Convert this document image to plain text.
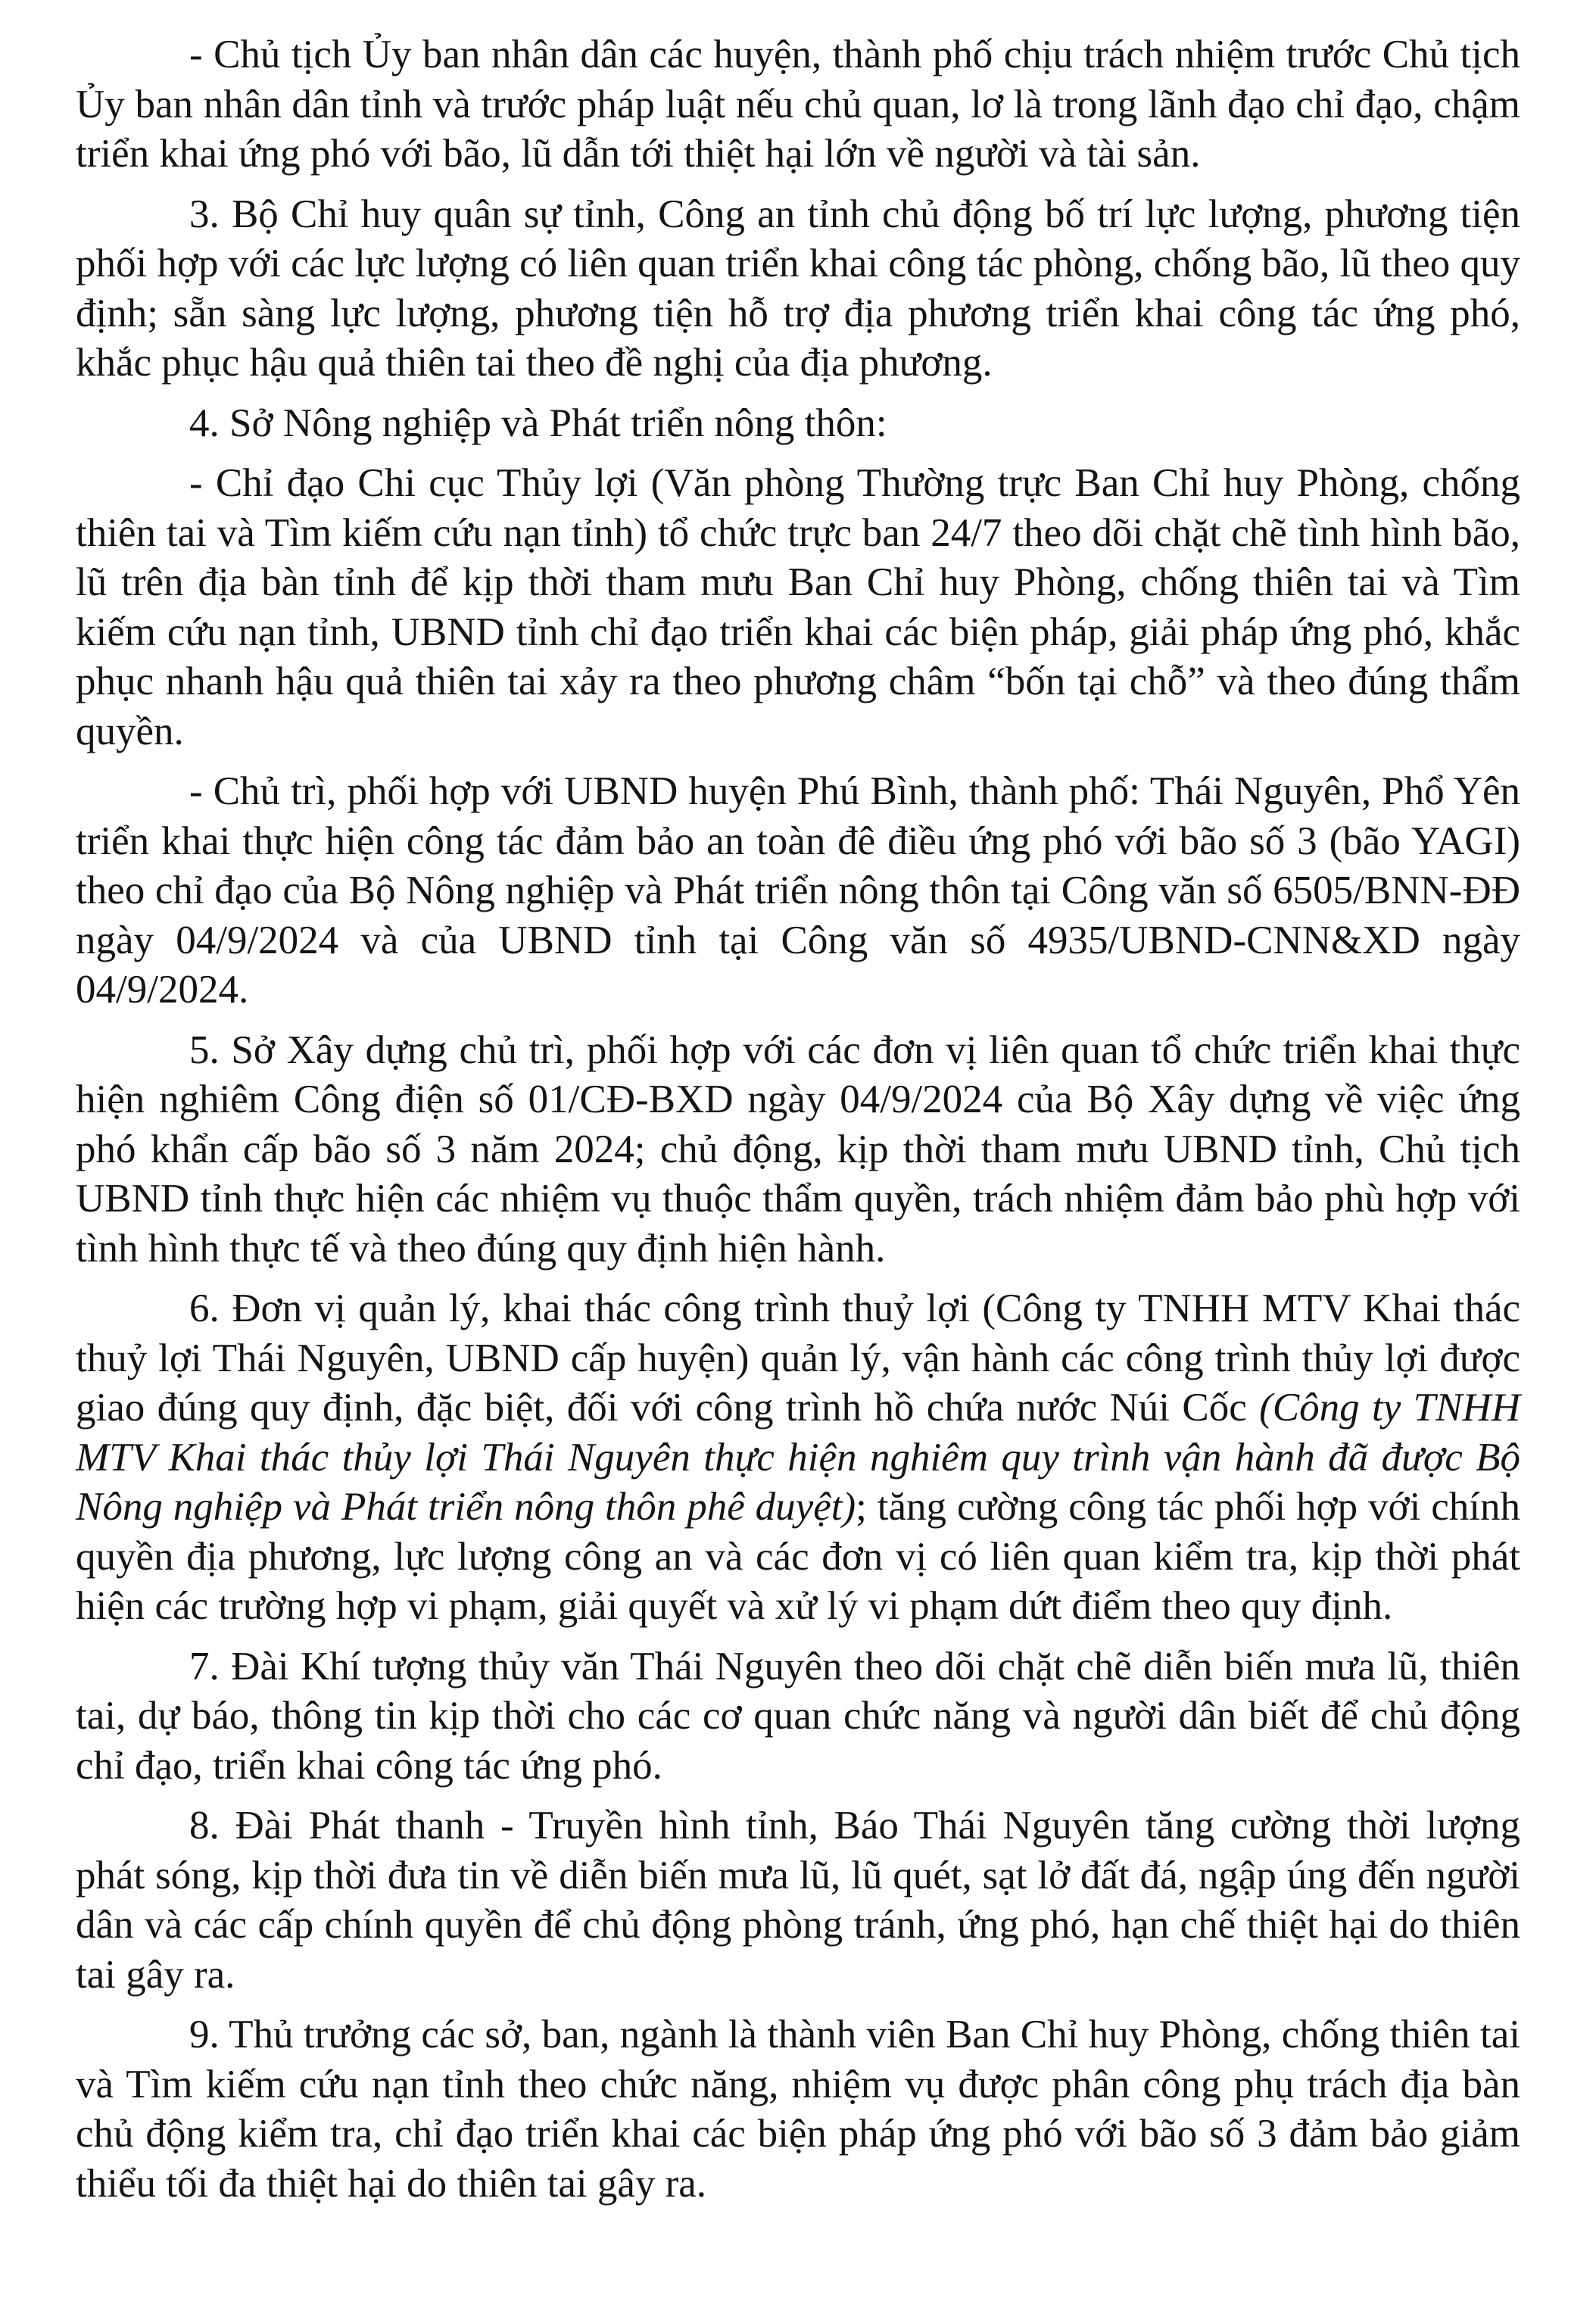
- Chủ tịch Ủy ban nhân dân các huyện, thành phố chịu trách nhiệm trước Chủ tịch Ủy ban nhân dân tỉnh và trước pháp luật nếu chủ quan, lơ là trong lãnh đạo chỉ đạo, chậm triển khai ứng phó với bão, lũ dẫn tới thiệt hại lớn về người và tài sản.

3. Bộ Chỉ huy quân sự tỉnh, Công an tỉnh chủ động bố trí lực lượng, phương tiện phối hợp với các lực lượng có liên quan triển khai công tác phòng, chống bão, lũ theo quy định; sẵn sàng lực lượng, phương tiện hỗ trợ địa phương triển khai công tác ứng phó, khắc phục hậu quả thiên tai theo đề nghị của địa phương.

4. Sở Nông nghiệp và Phát triển nông thôn:

- Chỉ đạo Chi cục Thủy lợi (Văn phòng Thường trực Ban Chỉ huy Phòng, chống thiên tai và Tìm kiếm cứu nạn tỉnh) tổ chức trực ban 24/7 theo dõi chặt chẽ tình hình bão, lũ trên địa bàn tỉnh để kịp thời tham mưu Ban Chỉ huy Phòng, chống thiên tai và Tìm kiếm cứu nạn tỉnh, UBND tỉnh chỉ đạo triển khai các biện pháp, giải pháp ứng phó, khắc phục nhanh hậu quả thiên tai xảy ra theo phương châm “bốn tại chỗ” và theo đúng thẩm quyền.

- Chủ trì, phối hợp với UBND huyện Phú Bình, thành phố: Thái Nguyên, Phổ Yên triển khai thực hiện công tác đảm bảo an toàn đê điều ứng phó với bão số 3 (bão YAGI) theo chỉ đạo của Bộ Nông nghiệp và Phát triển nông thôn tại Công văn số 6505/BNN-ĐĐ ngày 04/9/2024 và của UBND tỉnh tại Công văn số 4935/UBND-CNN&XD ngày 04/9/2024.

5. Sở Xây dựng chủ trì, phối hợp với các đơn vị liên quan tổ chức triển khai thực hiện nghiêm Công điện số 01/CĐ-BXD ngày 04/9/2024 của Bộ Xây dựng về việc ứng phó khẩn cấp bão số 3 năm 2024; chủ động, kịp thời tham mưu UBND tỉnh, Chủ tịch UBND tỉnh thực hiện các nhiệm vụ thuộc thẩm quyền, trách nhiệm đảm bảo phù hợp với tình hình thực tế và theo đúng quy định hiện hành.

6. Đơn vị quản lý, khai thác công trình thuỷ lợi (Công ty TNHH MTV Khai thác thuỷ lợi Thái Nguyên, UBND cấp huyện) quản lý, vận hành các công trình thủy lợi được giao đúng quy định, đặc biệt, đối với công trình hồ chứa nước Núi Cốc (Công ty TNHH MTV Khai thác thủy lợi Thái Nguyên thực hiện nghiêm quy trình vận hành đã được Bộ Nông nghiệp và Phát triển nông thôn phê duyệt); tăng cường công tác phối hợp với chính quyền địa phương, lực lượng công an và các đơn vị có liên quan kiểm tra, kịp thời phát hiện các trường hợp vi phạm, giải quyết và xử lý vi phạm dứt điểm theo quy định.

7. Đài Khí tượng thủy văn Thái Nguyên theo dõi chặt chẽ diễn biến mưa lũ, thiên tai, dự báo, thông tin kịp thời cho các cơ quan chức năng và người dân biết để chủ động chỉ đạo, triển khai công tác ứng phó.

8. Đài Phát thanh - Truyền hình tỉnh, Báo Thái Nguyên tăng cường thời lượng phát sóng, kịp thời đưa tin về diễn biến mưa lũ, lũ quét, sạt lở đất đá, ngập úng đến người dân và các cấp chính quyền để chủ động phòng tránh, ứng phó, hạn chế thiệt hại do thiên tai gây ra.

9. Thủ trưởng các sở, ban, ngành là thành viên Ban Chỉ huy Phòng, chống thiên tai và Tìm kiếm cứu nạn tỉnh theo chức năng, nhiệm vụ được phân công phụ trách địa bàn chủ động kiểm tra, chỉ đạo triển khai các biện pháp ứng phó với bão số 3 đảm bảo giảm thiểu tối đa thiệt hại do thiên tai gây ra.
